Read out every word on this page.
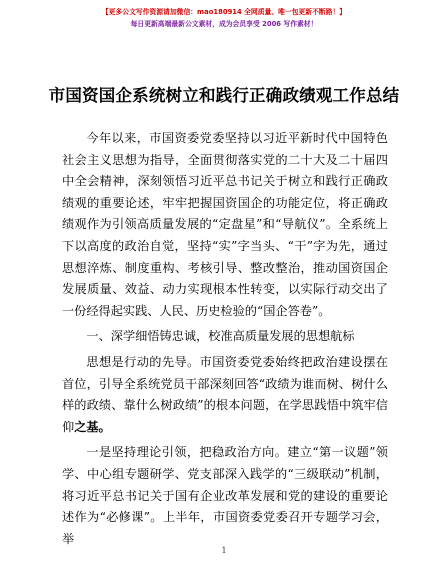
【更多公文写作资源请加微信：mao180914 全网质量、唯一包更新不断路！】
每日更新高端最新公文素材，成为会员享受 2006 写作素材！
市国资国企系统树立和践行正确政绩观工作总结

今年以来，市国资委党委坚持以习近平新时代中国特色社会主义思想为指导，全面贯彻落实党的二十大及二十届四中全会精神，深刻领悟习近平总书记关于树立和践行正确政绩观的重要论述，牢牢把握国资国企的功能定位，将正确政绩观作为引领高质量发展的“定盘星”和“导航仪”。全系统上下以高度的政治自觉，坚持“实”字当头、“干”字为先，通过思想淬炼、制度重构、考核引导、整改整治，推动国资国企发展质量、效益、动力实现根本性转变，以实际行动交出了一份经得起实践、人民、历史检验的“国企答卷”。

一、深学细悟铸忠诚，校准高质量发展的思想航标

思想是行动的先导。市国资委党委始终把政治建设摆在首位，引导全系统党员干部深刻回答“政绩为谁而树、树什么样的政绩、靠什么树政绩”的根本问题，在学思践悟中筑牢信仰之基。

一是坚持理论引领，把稳政治方向。建立“第一议题”领学、中心组专题研学、党支部深入践学的“三级联动”机制，将习近平总书记关于国有企业改革发展和党的建设的重要论述作为“必修课”。上半年，市国资委党委召开专题学习会，举

1
